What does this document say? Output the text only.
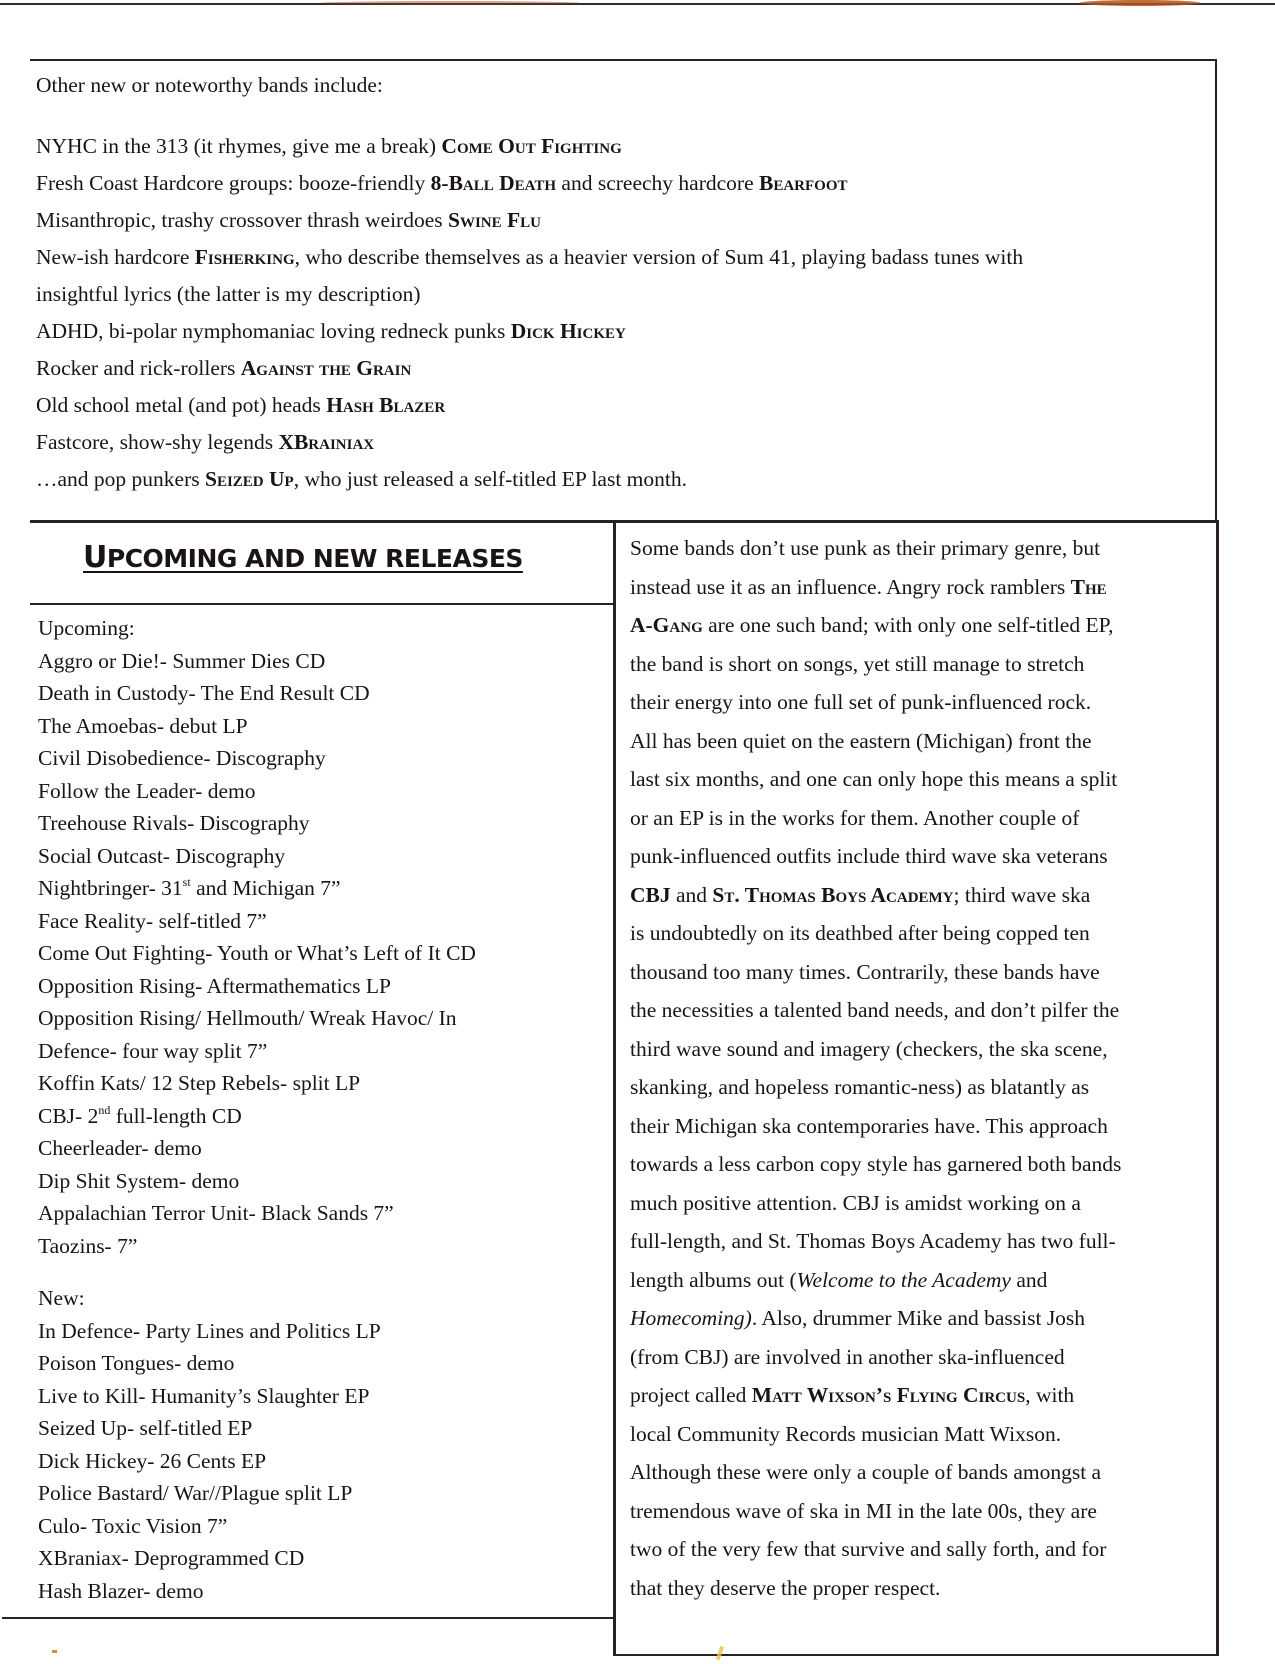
Other new or noteworthy bands include:
NYHC in the 313 (it rhymes, give me a break) Come Out Fighting
Fresh Coast Hardcore groups: booze-friendly 8-Ball Death and screechy hardcore Bearfoot
Misanthropic, trashy crossover thrash weirdoes Swine Flu
New-ish hardcore Fisherking, who describe themselves as a heavier version of Sum 41, playing badass tunes with
insightful lyrics (the latter is my description)
ADHD, bi-polar nymphomaniac loving redneck punks Dick Hickey
Rocker and rick-rollers Against the Grain
Old school metal (and pot) heads Hash Blazer
Fastcore, show-shy legends XBrainiax
…and pop punkers Seized Up, who just released a self-titled EP last month.
UPCOMING AND NEW RELEASES
Upcoming:
Aggro or Die!- Summer Dies CD
Death in Custody- The End Result CD
The Amoebas- debut LP
Civil Disobedience- Discography
Follow the Leader- demo
Treehouse Rivals- Discography
Social Outcast- Discography
Nightbringer- 31st and Michigan 7”
Face Reality- self-titled 7”
Come Out Fighting- Youth or What’s Left of It CD
Opposition Rising- Aftermathematics LP
Opposition Rising/ Hellmouth/ Wreak Havoc/ In
Defence- four way split 7”
Koffin Kats/ 12 Step Rebels- split LP
CBJ- 2nd full-length CD
Cheerleader- demo
Dip Shit System- demo
Appalachian Terror Unit- Black Sands 7”
Taozins- 7”
New:
In Defence- Party Lines and Politics LP
Poison Tongues- demo
Live to Kill- Humanity’s Slaughter EP
Seized Up- self-titled EP
Dick Hickey- 26 Cents EP
Police Bastard/ War//Plague split LP
Culo- Toxic Vision 7”
XBraniax- Deprogrammed CD
Hash Blazer- demo
Some bands don’t use punk as their primary genre, but
instead use it as an influence. Angry rock ramblers The
A-Gang are one such band; with only one self-titled EP,
the band is short on songs, yet still manage to stretch
their energy into one full set of punk-influenced rock.
All has been quiet on the eastern (Michigan) front the
last six months, and one can only hope this means a split
or an EP is in the works for them. Another couple of
punk-influenced outfits include third wave ska veterans
CBJ and St. Thomas Boys Academy; third wave ska
is undoubtedly on its deathbed after being copped ten
thousand too many times. Contrarily, these bands have
the necessities a talented band needs, and don’t pilfer the
third wave sound and imagery (checkers, the ska scene,
skanking, and hopeless romantic-ness) as blatantly as
their Michigan ska contemporaries have. This approach
towards a less carbon copy style has garnered both bands
much positive attention. CBJ is amidst working on a
full-length, and St. Thomas Boys Academy has two full-
length albums out (Welcome to the Academy and
Homecoming). Also, drummer Mike and bassist Josh
(from CBJ) are involved in another ska-influenced
project called Matt Wixson’s Flying Circus, with
local Community Records musician Matt Wixson.
Although these were only a couple of bands amongst a
tremendous wave of ska in MI in the late 00s, they are
two of the very few that survive and sally forth, and for
that they deserve the proper respect.
